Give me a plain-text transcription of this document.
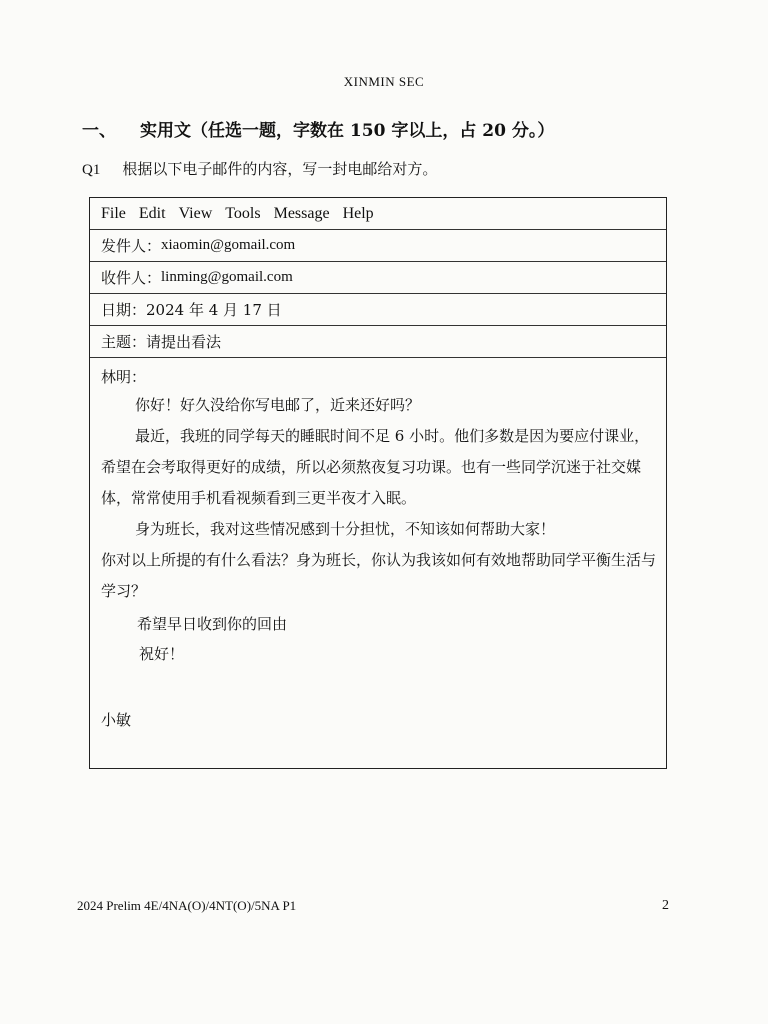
XINMIN SEC
一、 实用文（任选一题，字数在 150 字以上，占 20 分。）
Q1 根据以下电子邮件的内容，写一封电邮给对方。
File Edit View Tools Message Help
发件人： xiaomin@gomail.com
收件人： linming@gomail.com
日期： 2024 年 4 月 17 日
主题： 请提出看法
林明：
你好！好久没给你写电邮了，近来还好吗？
最近，我班的同学每天的睡眠时间不足 6 小时。他们多数是因为要应付课业，希望在会考取得更好的成绩，所以必须熬夜复习功课。也有一些同学沉迷于社交媒体，常常使用手机看视频看到三更半夜才入眠。
身为班长，我对这些情况感到十分担忧，不知该如何帮助大家！
你对以上所提的有什么看法？身为班长，你认为我该如何有效地帮助同学平衡生活与学习？
希望早日收到你的回由
祝好！
小敏
2024 Prelim 4E/4NA(O)/4NT(O)/5NA P1	2
